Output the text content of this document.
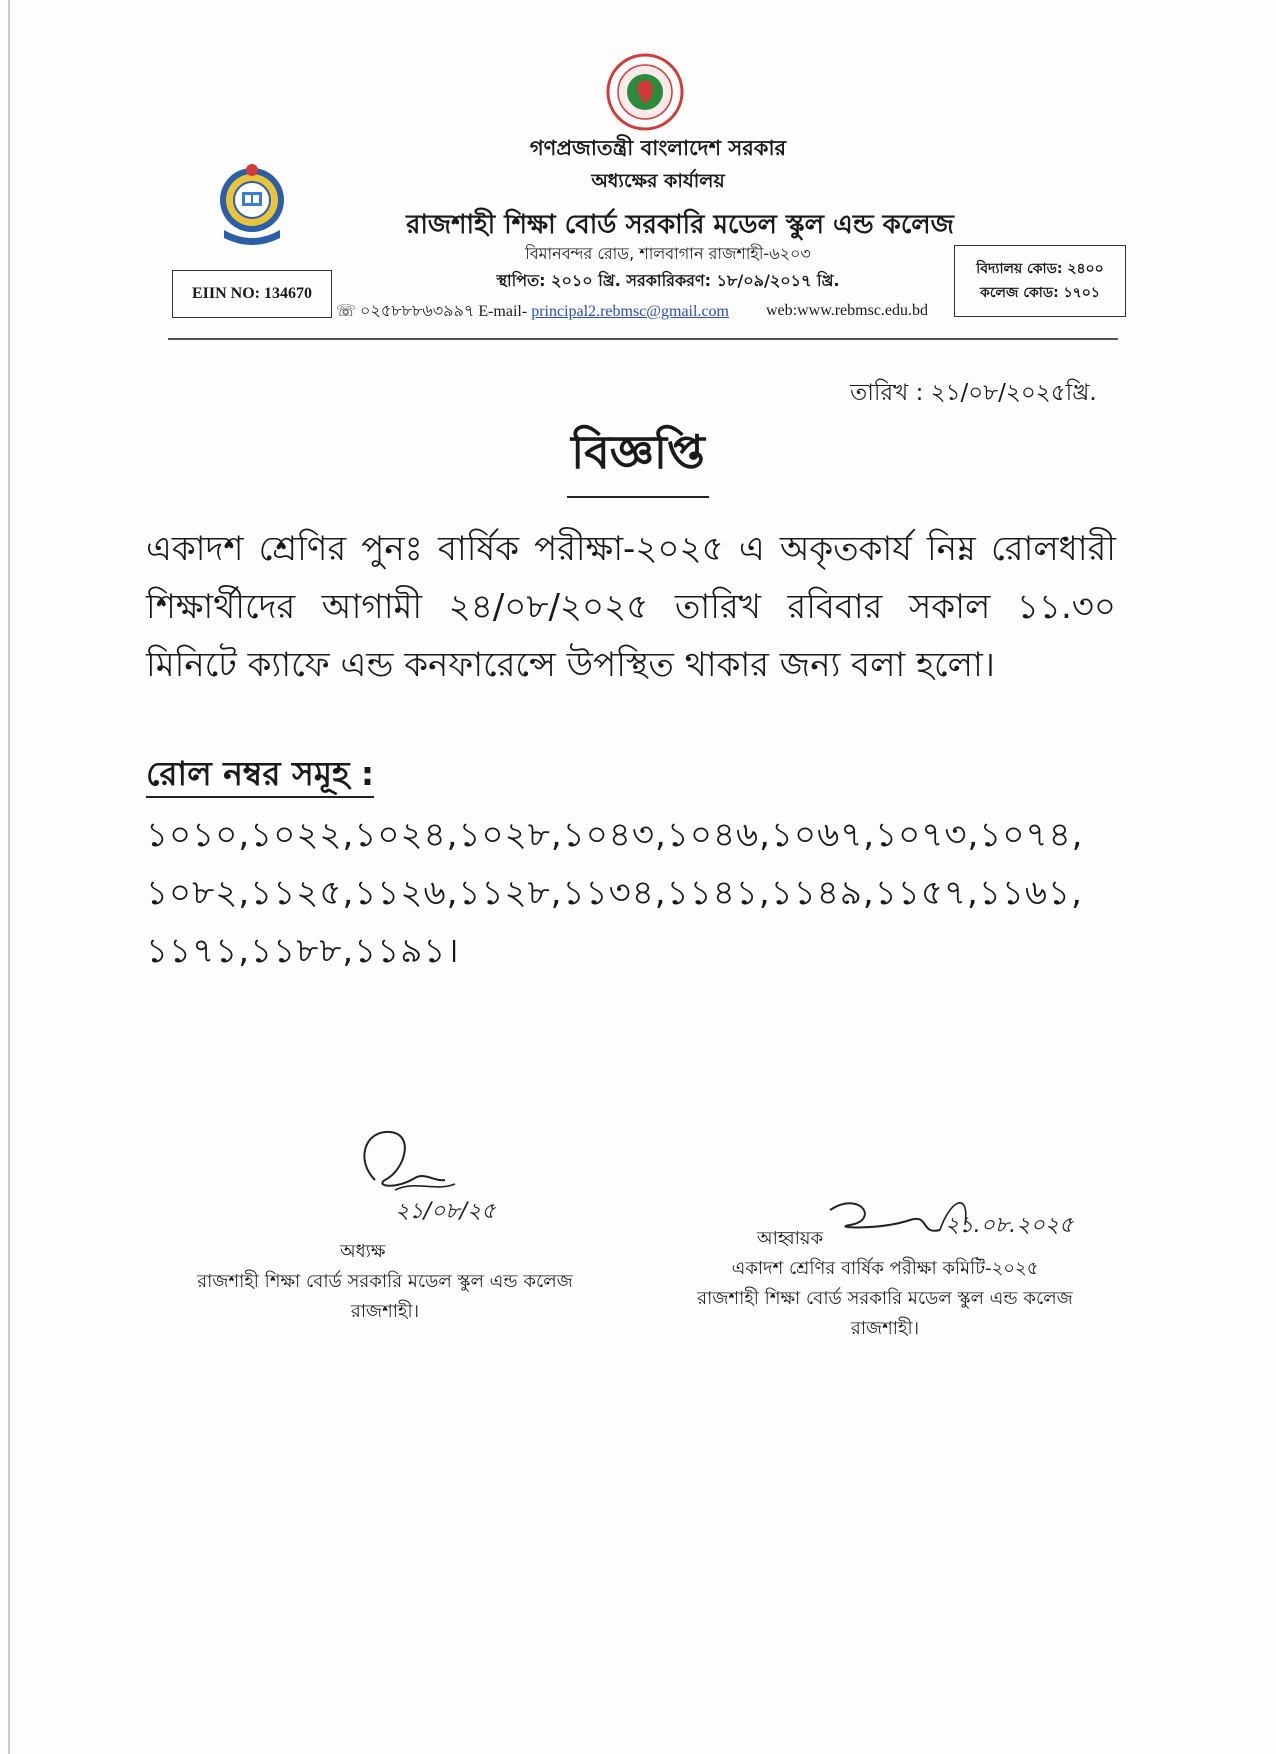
গণপ্রজাতন্ত্রী বাংলাদেশ সরকার
অধ্যক্ষের কার্যালয়
রাজশাহী শিক্ষা বোর্ড সরকারি মডেল স্কুল এন্ড কলেজ
বিমানবন্দর রোড, শালবাগান রাজশাহী-৬২০৩
স্থাপিত: ২০১০ খ্রি. সরকারিকরণ: ১৮/০৯/২০১৭ খ্রি.
EIIN NO: 134670
বিদ্যালয় কোড: ২৪০০
কলেজ কোড: ১৭০১
☏ ০২৫৮৮৮৬৩৯৯৭ E-mail- principal2.rebmsc@gmail.com web:www.rebmsc.edu.bd
তারিখ : ২১/০৮/২০২৫খ্রি.
বিজ্ঞপ্তি
একাদশ শ্রেণির পুনঃ বার্ষিক পরীক্ষা-২০২৫ এ অকৃতকার্য নিম্ন রোলধারী শিক্ষার্থীদের আগামী ২৪/০৮/২০২৫ তারিখ রবিবার সকাল ১১.৩০ মিনিটে ক্যাফে এন্ড কনফারেন্সে উপস্থিত থাকার জন্য বলা হলো।
রোল নম্বর সমূহ :
১০১০,১০২২,১০২৪,১০২৮,১০৪৩,১০৪৬,১০৬৭,১০৭৩,১০৭৪, ১০৮২,১১২৫,১১২৬,১১২৮,১১৩৪,১১৪১,১১৪৯,১১৫৭,১১৬১, ১১৭১,১১৮৮,১১৯১।
২১/০৮/২৫
২১.০৮.২০২৫
অধ্যক্ষ
রাজশাহী শিক্ষা বোর্ড সরকারি মডেল স্কুল এন্ড কলেজ
রাজশাহী।
আহ্বায়ক
একাদশ শ্রেণির বার্ষিক পরীক্ষা কমিটি-২০২৫
রাজশাহী শিক্ষা বোর্ড সরকারি মডেল স্কুল এন্ড কলেজ
রাজশাহী।
